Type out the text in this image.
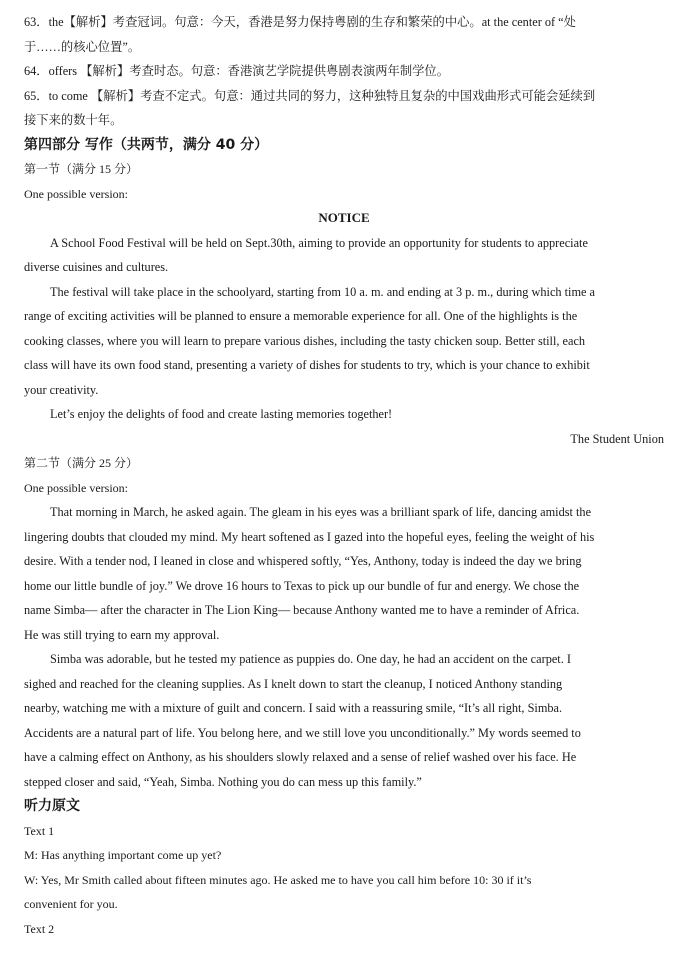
63．the【解析】考查冠词。句意：今天，香港是努力保持粤剧的生存和繁荣的中心。at the center of “处

于……的核心位置”。

64．offers 【解析】考查时态。句意：香港演艺学院提供粤剧表演两年制学位。

65．to come 【解析】考查不定式。句意：通过共同的努力，这种独特且复杂的中国戏曲形式可能会延续到

接下来的数十年。

第四部分 写作（共两节，满分 40 分）

第一节（满分 15 分）

One possible version:

NOTICE

A School Food Festival will be held on Sept.30th, aiming to provide an opportunity for students to appreciate

diverse cuisines and cultures.

The festival will take place in the schoolyard, starting from 10 a. m. and ending at 3 p. m., during which time a

range of exciting activities will be planned to ensure a memorable experience for all. One of the highlights is the

cooking classes, where you will learn to prepare various dishes, including the tasty chicken soup. Better still, each

class will have its own food stand, presenting a variety of dishes for students to try, which is your chance to exhibit

your creativity.

Let’s enjoy the delights of food and create lasting memories together!

The Student Union

第二节（满分 25 分）

One possible version:

That morning in March, he asked again. The gleam in his eyes was a brilliant spark of life, dancing amidst the

lingering doubts that clouded my mind. My heart softened as I gazed into the hopeful eyes, feeling the weight of his

desire. With a tender nod, I leaned in close and whispered softly, “Yes, Anthony, today is indeed the day we bring

home our little bundle of joy.” We drove 16 hours to Texas to pick up our bundle of fur and energy. We chose the

name Simba— after the character in The Lion King— because Anthony wanted me to have a reminder of Africa.

He was still trying to earn my approval.

Simba was adorable, but he tested my patience as puppies do. One day, he had an accident on the carpet. I

sighed and reached for the cleaning supplies. As I knelt down to start the cleanup, I noticed Anthony standing

nearby, watching me with a mixture of guilt and concern. I said with a reassuring smile, “It’s all right, Simba.

Accidents are a natural part of life. You belong here, and we still love you unconditionally.” My words seemed to

have a calming effect on Anthony, as his shoulders slowly relaxed and a sense of relief washed over his face. He

stepped closer and said, “Yeah, Simba. Nothing you do can mess up this family.”

听力原文

Text 1

M: Has anything important come up yet?

W: Yes, Mr Smith called about fifteen minutes ago. He asked me to have you call him before 10: 30 if it’s

convenient for you.

Text 2
